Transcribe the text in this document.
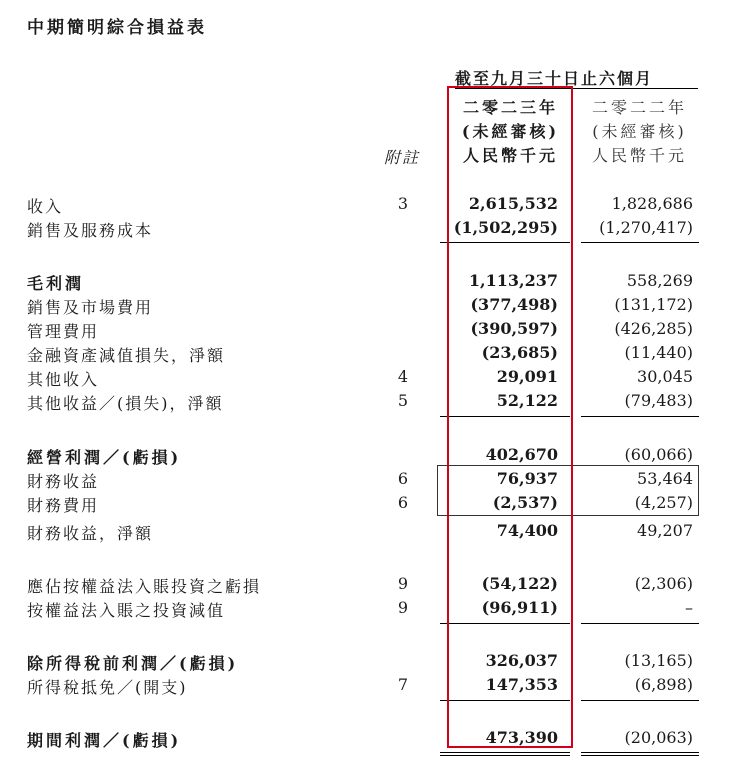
中期簡明綜合損益表
截至九月三十日止六個月
二零二三年
(未經審核)
人民幣千元
二零二二年
(未經審核)
人民幣千元
附註
收入	3	2,615,532	1,828,686
銷售及服務成本	(1,502,295)	(1,270,417)
毛利潤	1,113,237	558,269
銷售及市場費用	(377,498)	(131,172)
管理費用	(390,597)	(426,285)
金融資產減值損失，淨額	(23,685)	(11,440)
其他收入	4	29,091	30,045
其他收益／(損失)，淨額	5	52,122	(79,483)
經營利潤／(虧損)	402,670	(60,066)
財務收益	6	76,937	53,464
財務費用	6	(2,537)	(4,257)
財務收益，淨額	74,400	49,207
應佔按權益法入賬投資之虧損	9	(54,122)	(2,306)
按權益法入賬之投資減值	9	(96,911)	–
除所得稅前利潤／(虧損)	326,037	(13,165)
所得稅抵免／(開支)	7	147,353	(6,898)
期間利潤／(虧損)	473,390	(20,063)
